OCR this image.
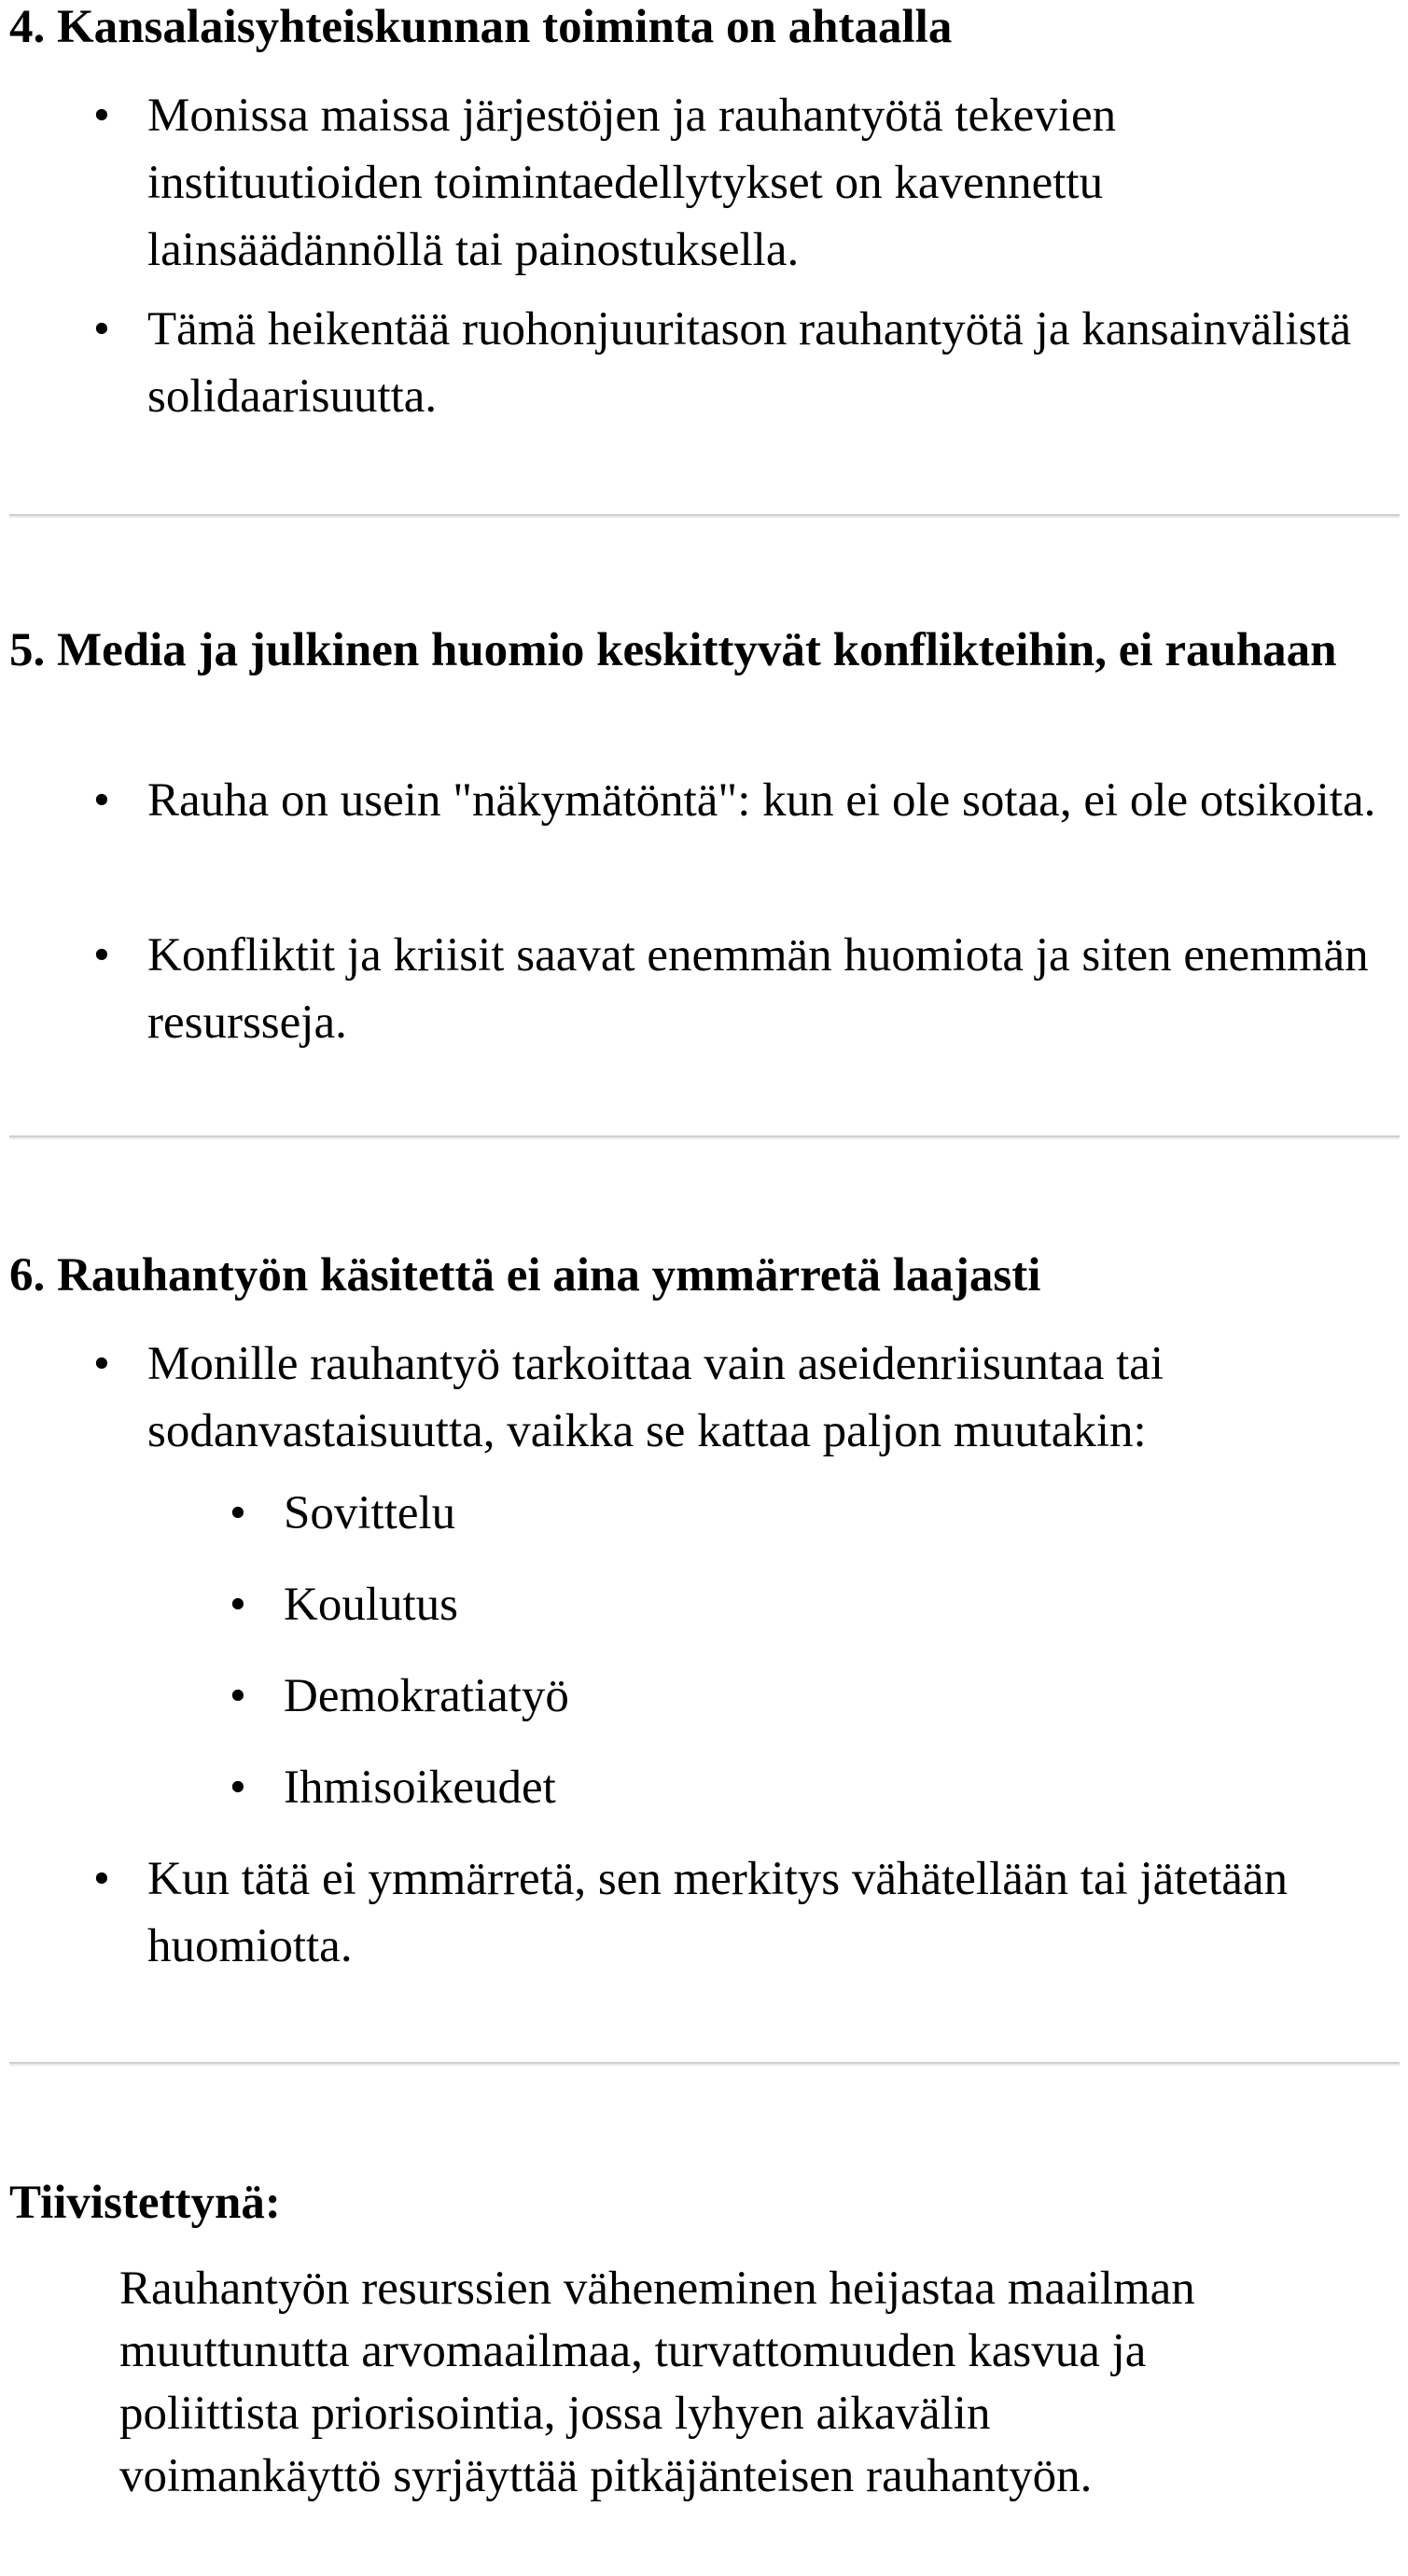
4. Kansalaisyhteiskunnan toiminta on ahtaalla
• Monissa maissa järjestöjen ja rauhantyötä tekevien instituutioiden toimintaedellytykset on kavennettu lainsäädännöllä tai painostuksella.
• Tämä heikentää ruohonjuuritason rauhantyötä ja kansainvälistä solidaarisuutta.
5. Media ja julkinen huomio keskittyvät konflikteihin, ei rauhaan
• Rauha on usein "näkymätöntä": kun ei ole sotaa, ei ole otsikoita.
• Konfliktit ja kriisit saavat enemmän huomiota ja siten enemmän resursseja.
6. Rauhantyön käsitettä ei aina ymmärretä laajasti
• Monille rauhantyö tarkoittaa vain aseidenriisuntaa tai sodanvastaisuutta, vaikka se kattaa paljon muutakin:
• Sovittelu
• Koulutus
• Demokratiatyö
• Ihmisoikeudet
• Kun tätä ei ymmärretä, sen merkitys vähätellään tai jätetään huomiotta.
Tiivistettynä:

Rauhantyön resurssien väheneminen heijastaa maailman muuttunutta arvomaailmaa, turvattomuuden kasvua ja poliittista priorisointia, jossa lyhyen aikavälin voimankäyttö syrjäyttää pitkäjänteisen rauhantyön.
